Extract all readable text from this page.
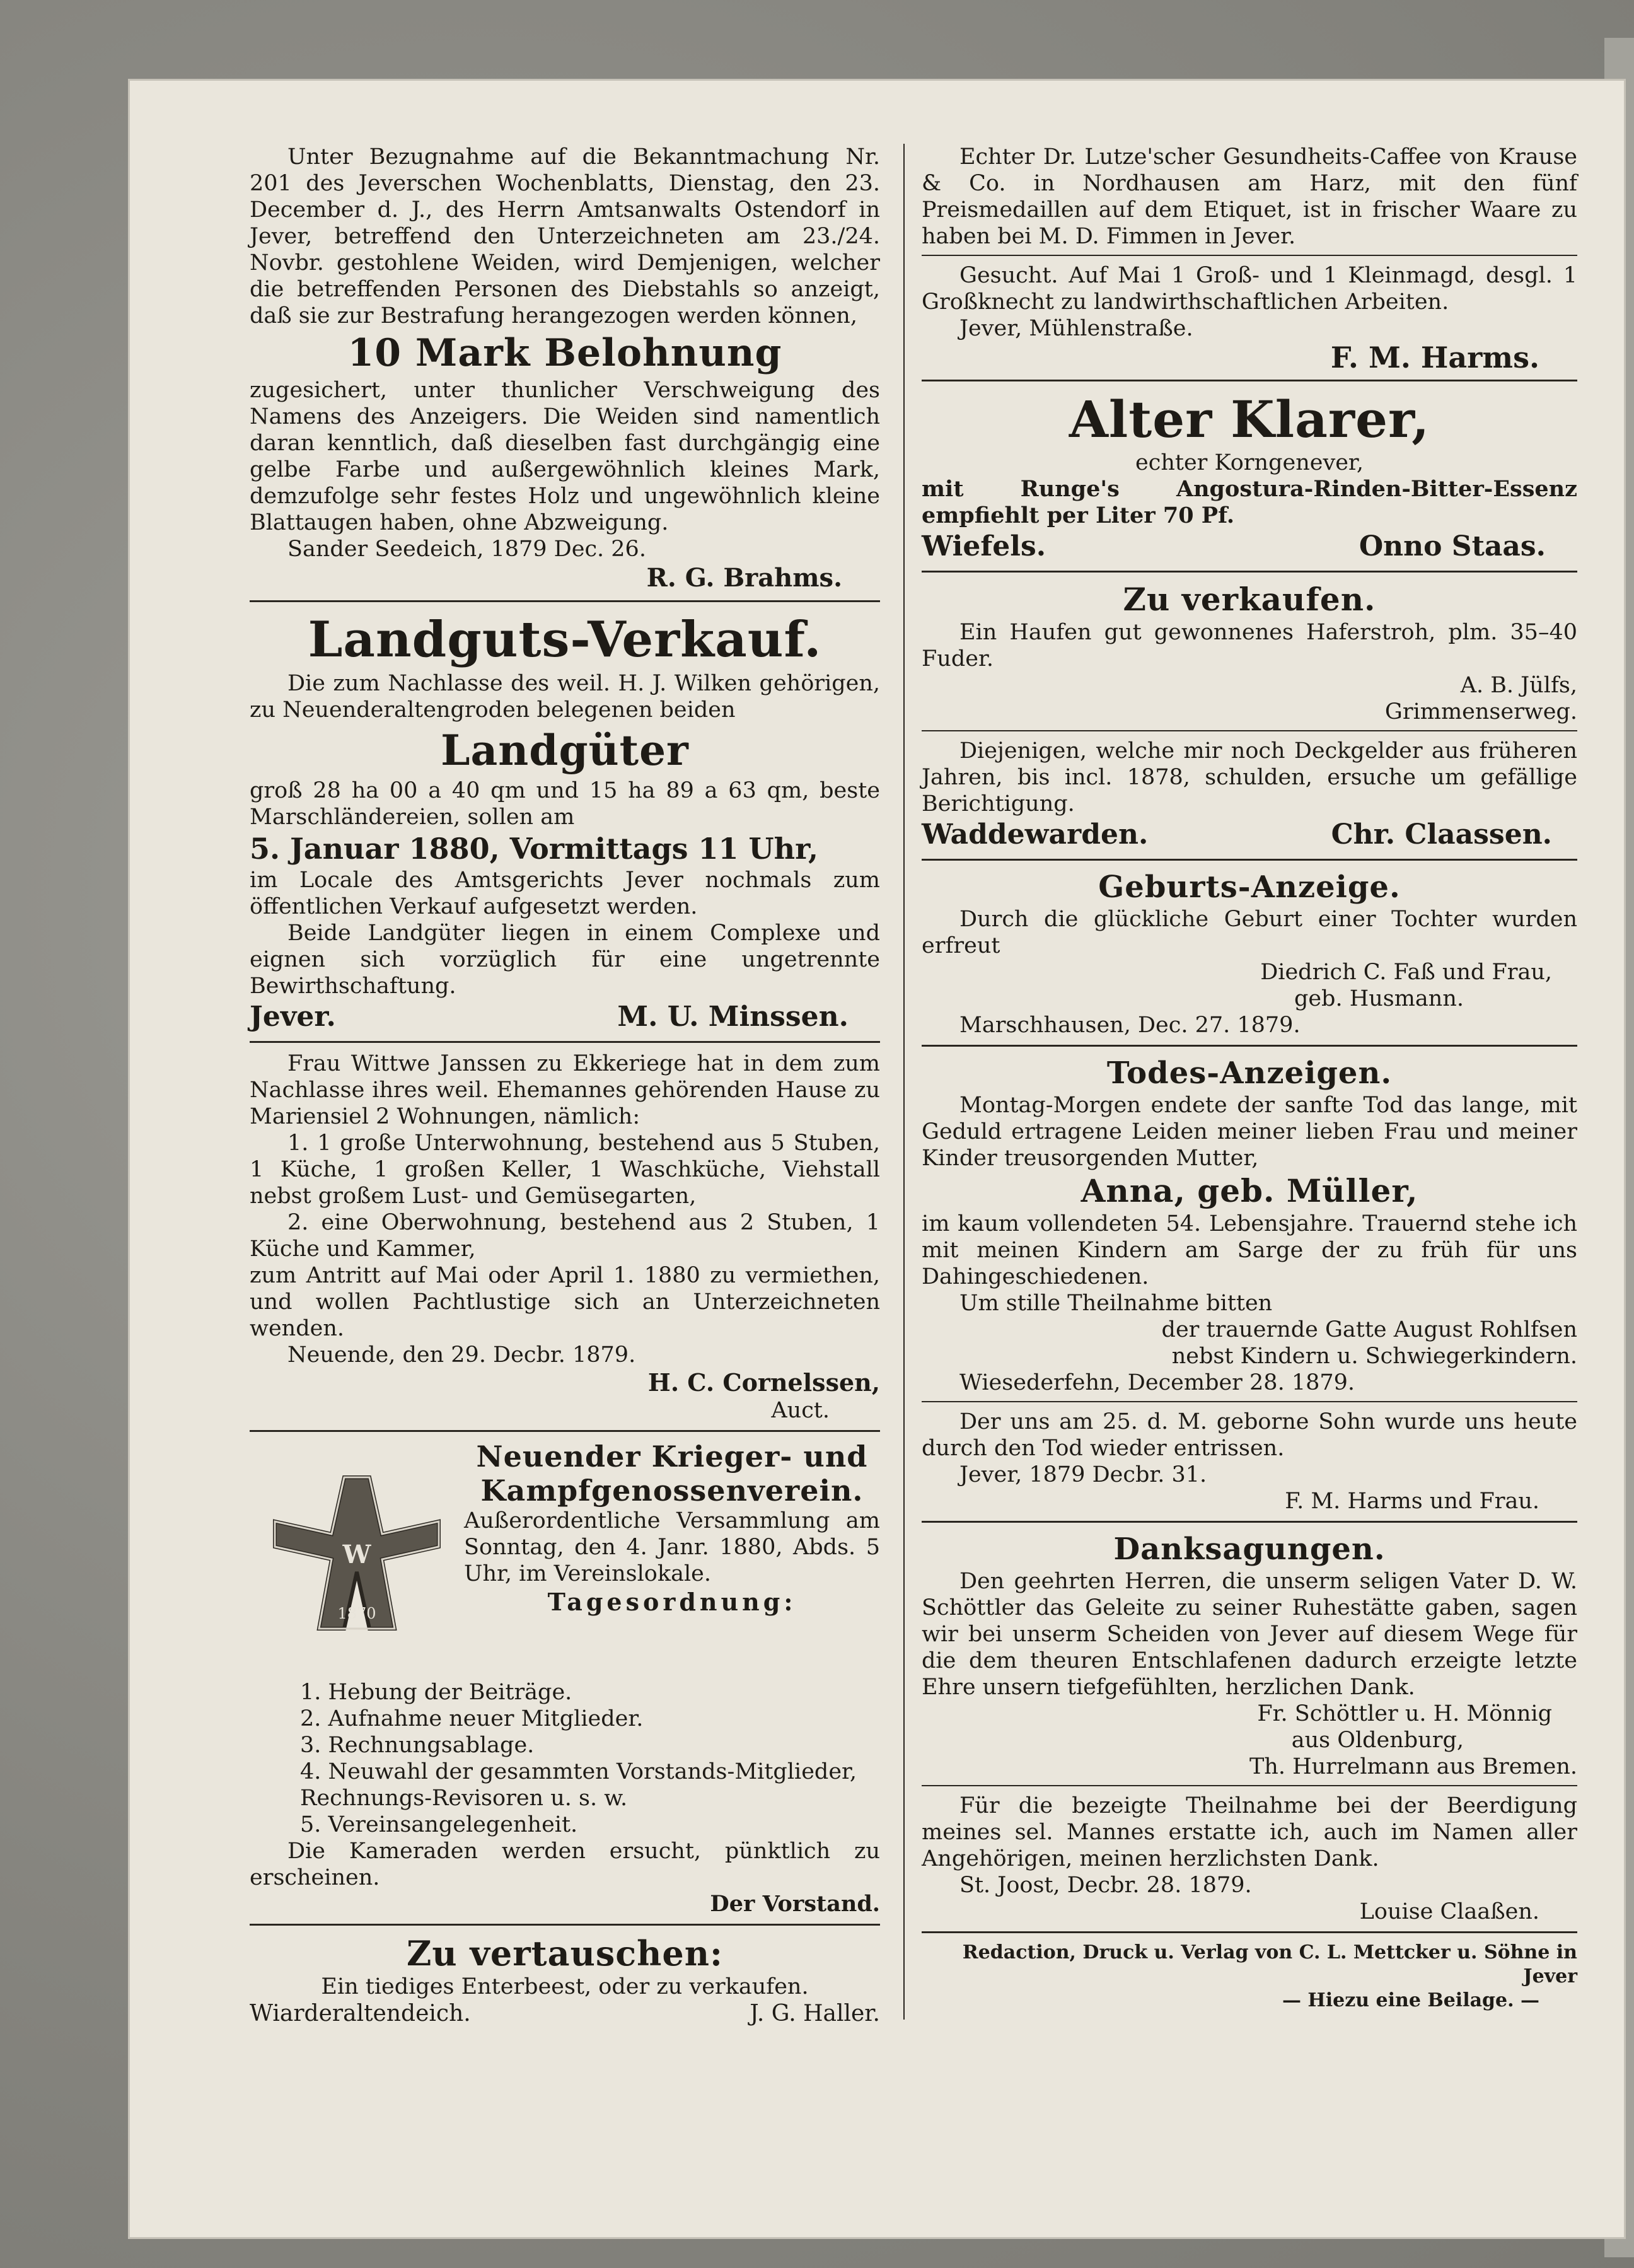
Unter Bezugnahme auf die Bekanntmachung Nr. 201 des Jeverschen Wochenblatts, Dienstag, den 23. December d. J., des Herrn Amtsanwalts Ostendorf in Jever, betreffend den Unterzeichneten am 23./24. Novbr. gestohlene Weiden, wird Demjenigen, welcher die betreffenden Personen des Diebstahls so anzeigt, daß sie zur Bestrafung herangezogen werden können,

10 Mark Belohnung

zugesichert, unter thunlicher Verschweigung des Namens des Anzeigers. Die Weiden sind namentlich daran kenntlich, daß dieselben fast durchgängig eine gelbe Farbe und außergewöhnlich kleines Mark, demzufolge sehr festes Holz und ungewöhnlich kleine Blattaugen haben, ohne Abzweigung.

Sander Seedeich, 1879 Dec. 26.

R. G. Brahms.
Landguts-Verkauf.

Die zum Nachlasse des weil. H. J. Wilken gehörigen, zu Neuenderaltengroden belegenen beiden

Landgüter

groß 28 ha 00 a 40 qm und 15 ha 89 a 63 qm, beste Marschländereien, sollen am

5. Januar 1880, Vormittags 11 Uhr,

im Locale des Amtsgerichts Jever nochmals zum öffentlichen Verkauf aufgesetzt werden.

Beide Landgüter liegen in einem Complexe und eignen sich vorzüglich für eine ungetrennte Bewirthschaftung.

Jever.	M. U. Minssen.

Frau Wittwe Janssen zu Ekkeriege hat in dem zum Nachlasse ihres weil. Ehemannes gehörenden Hause zu Mariensiel 2 Wohnungen, nämlich:

1. 1 große Unterwohnung, bestehend aus 5 Stuben, 1 Küche, 1 großen Keller, 1 Waschküche, Viehstall nebst großem Lust- und Gemüsegarten,

2. eine Oberwohnung, bestehend aus 2 Stuben, 1 Küche und Kammer,

zum Antritt auf Mai oder April 1. 1880 zu vermiethen, und wollen Pachtlustige sich an Unterzeichneten wenden.

Neuende, den 29. Decbr. 1879.

H. C. Cornelssen,
Auct.
W
1870
Neuender Krieger- und
Kampfgenossenverein.

Außerordentliche Versammlung am Sonntag, den 4. Janr. 1880, Abds. 5 Uhr, im Vereinslokale.

Tagesordnung:
1. Hebung der Beiträge.
2. Aufnahme neuer Mitglieder.
3. Rechnungsablage.
4. Neuwahl der gesammten Vorstands-Mitglieder, Rechnungs-Revisoren u. s. w.
5. Vereinsangelegenheit.

Die Kameraden werden ersucht, pünktlich zu erscheinen.

Der Vorstand.
Zu vertauschen:

Ein tiediges Enterbeest, oder zu verkaufen.

Wiarderaltendeich.	J. G. Haller.

Echter Dr. Lutze'scher Gesundheits-Caffee von Krause & Co. in Nordhausen am Harz, mit den fünf Preismedaillen auf dem Etiquet, ist in frischer Waare zu haben bei M. D. Fimmen in Jever.

Gesucht. Auf Mai 1 Groß- und 1 Kleinmagd, desgl. 1 Großknecht zu landwirthschaftlichen Arbeiten.

Jever, Mühlenstraße.

F. M. Harms.
Alter Klarer,
echter Korngenever,

mit Runge's Angostura-Rinden-Bitter-Essenz empfiehlt per Liter 70 Pf.

Wiefels.	Onno Staas.
Zu verkaufen.

Ein Haufen gut gewonnenes Haferstroh, plm. 35–40 Fuder.

A. B. Jülfs,
Grimmenserweg.

Diejenigen, welche mir noch Deckgelder aus früheren Jahren, bis incl. 1878, schulden, ersuche um gefällige Berichtigung.

Waddewarden.	Chr. Claassen.
Geburts-Anzeige.

Durch die glückliche Geburt einer Tochter wurden erfreut

Diedrich C. Faß und Frau,
geb. Husmann.

Marschhausen, Dec. 27. 1879.

Todes-Anzeigen.

Montag-Morgen endete der sanfte Tod das lange, mit Geduld ertragene Leiden meiner lieben Frau und meiner Kinder treusorgenden Mutter,

Anna, geb. Müller,

im kaum vollendeten 54. Lebensjahre. Trauernd stehe ich mit meinen Kindern am Sarge der zu früh für uns Dahingeschiedenen.

Um stille Theilnahme bitten

der trauernde Gatte August Rohlfsen
nebst Kindern u. Schwiegerkindern.

Wiesederfehn, December 28. 1879.

Der uns am 25. d. M. geborne Sohn wurde uns heute durch den Tod wieder entrissen.

Jever, 1879 Decbr. 31.

F. M. Harms und Frau.
Danksagungen.

Den geehrten Herren, die unserm seligen Vater D. W. Schöttler das Geleite zu seiner Ruhestätte gaben, sagen wir bei unserm Scheiden von Jever auf diesem Wege für die dem theuren Entschlafenen dadurch erzeigte letzte Ehre unsern tiefgefühlten, herzlichen Dank.

Fr. Schöttler u. H. Mönnig
aus Oldenburg,
Th. Hurrelmann aus Bremen.

Für die bezeigte Theilnahme bei der Beerdigung meines sel. Mannes erstatte ich, auch im Namen aller Angehörigen, meinen herzlichsten Dank.

St. Joost, Decbr. 28. 1879.

Louise Claaßen.
Redaction, Druck u. Verlag von C. L. Mettcker u. Söhne in Jever
— Hiezu eine Beilage. —
